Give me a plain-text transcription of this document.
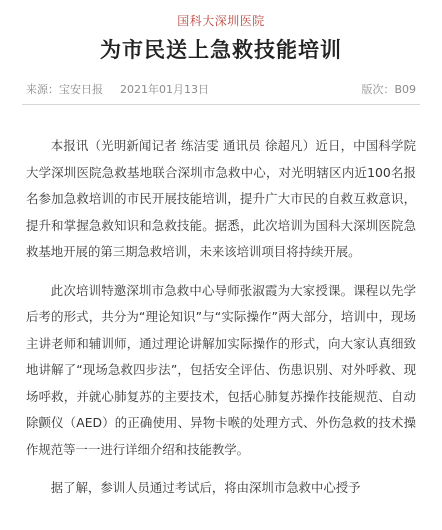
国科大深圳医院
为市民送上急救技能培训
来源：宝安日报 2021年01月13日	版次：B09

本报讯（光明新闻记者 练洁雯 通讯员 徐超凡）近日，中国科学院大学深圳医院急救基地联合深圳市急救中心，对光明辖区内近100名报名参加急救培训的市民开展技能培训，提升广大市民的自救互救意识，提升和掌握急救知识和急救技能。据悉，此次培训为国科大深圳医院急救基地开展的第三期急救培训，未来该培训项目将持续开展。

此次培训特邀深圳市急救中心导师张淑霞为大家授课。课程以先学后考的形式，共分为“理论知识”与“实际操作”两大部分，培训中，现场主讲老师和辅训师，通过理论讲解加实际操作的形式，向大家认真细致地讲解了“现场急救四步法”，包括安全评估、伤患识别、对外呼救、现场呼救，并就心肺复苏的主要技术，包括心肺复苏操作技能规范、自动除颤仪（AED）的正确使用、异物卡喉的处理方式、外伤急救的技术操作规范等一一进行详细介绍和技能教学。

据了解，参训人员通过考试后，将由深圳市急救中心授予
